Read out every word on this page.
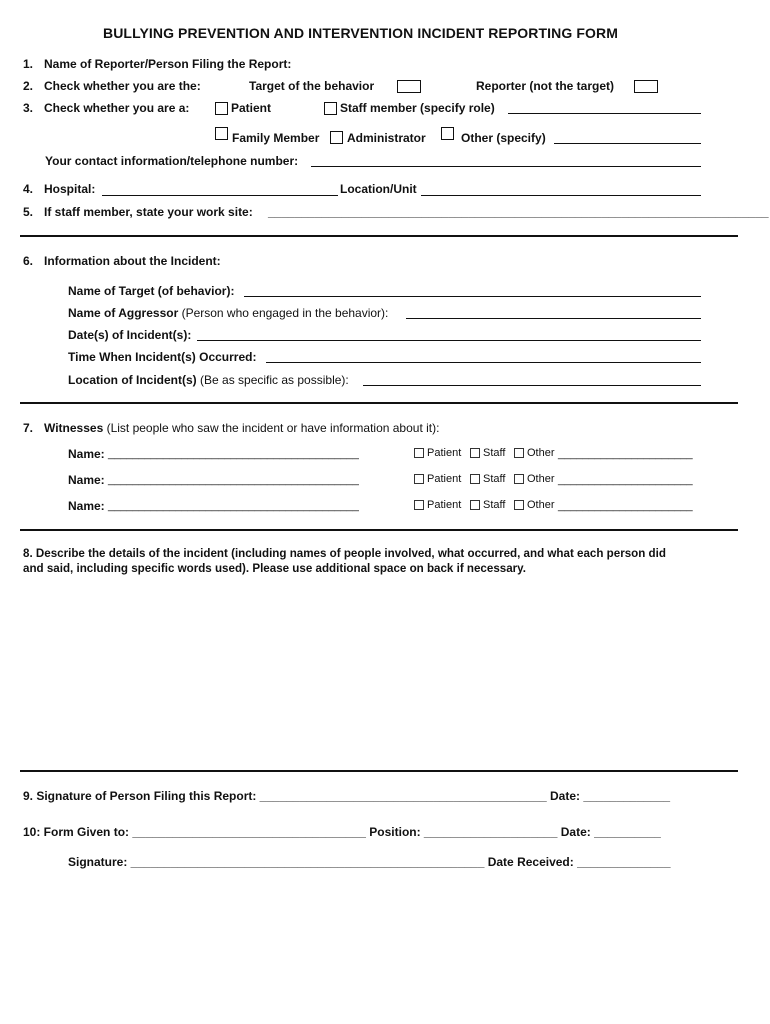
BULLYING PREVENTION AND INTERVENTION INCIDENT REPORTING FORM
1. Name of Reporter/Person Filing the Report:
2. Check whether you are the:	Target of the behavior	Reporter (not the target)
3. Check whether you are a:	Patient	Staff member (specify role)
Family Member Administrator	Other (specify)
Your contact information/telephone number:
4. Hospital:	Location/Unit
5. If staff member, state your work site: ___________________________________________________________________________
6. Information about the Incident:
Name of Target (of behavior):
Name of Aggressor (Person who engaged in the behavior):
Date(s) of Incident(s):
Time When Incident(s) Occurred:
Location of Incident(s) (Be as specific as possible):
7. Witnesses (List people who saw the incident or have information about it):
Name: _________________________________________	Patient Staff Other ______________________
Name: _________________________________________	Patient Staff Other ______________________
Name: _________________________________________	Patient Staff Other ______________________
8. Describe the details of the incident (including names of people involved, what occurred, and what each person did
and said, including specific words used). Please use additional space on back if necessary.
9. Signature of Person Filing this Report: ___________________________________________ Date: _____________
10: Form Given to: ___________________________________ Position: ____________________ Date: __________
Signature: _____________________________________________________ Date Received: ______________
